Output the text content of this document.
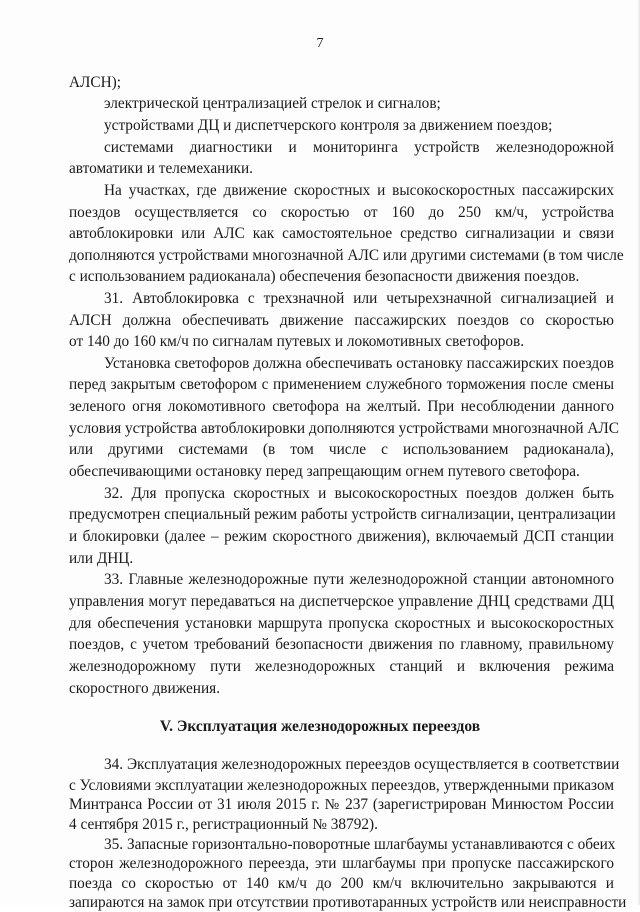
7
АЛСН);
электрической централизацией стрелок и сигналов;
устройствами ДЦ и диспетчерского контроля за движением поездов;
системами диагностики и мониторинга устройств железнодорожной
автоматики и телемеханики.
На участках, где движение скоростных и высокоскоростных пассажирских
поездов осуществляется со скоростью от 160 до 250 км/ч, устройства
автоблокировки или АЛС как самостоятельное средство сигнализации и связи
дополняются устройствами многозначной АЛС или другими системами (в том числе
с использованием радиоканала) обеспечения безопасности движения поездов.
31. Автоблокировка с трехзначной или четырехзначной сигнализацией и
АЛСН должна обеспечивать движение пассажирских поездов со скоростью
от 140 до 160 км/ч по сигналам путевых и локомотивных светофоров.
Установка светофоров должна обеспечивать остановку пассажирских поездов
перед закрытым светофором с применением служебного торможения после смены
зеленого огня локомотивного светофора на желтый. При несоблюдении данного
условия устройства автоблокировки дополняются устройствами многозначной АЛС
или другими системами (в том числе с использованием радиоканала),
обеспечивающими остановку перед запрещающим огнем путевого светофора.
32. Для пропуска скоростных и высокоскоростных поездов должен быть
предусмотрен специальный режим работы устройств сигнализации, централизации
и блокировки (далее – режим скоростного движения), включаемый ДСП станции
или ДНЦ.
33. Главные железнодорожные пути железнодорожной станции автономного
управления могут передаваться на диспетчерское управление ДНЦ средствами ДЦ
для обеспечения установки маршрута пропуска скоростных и высокоскоростных
поездов, с учетом требований безопасности движения по главному, правильному
железнодорожному пути железнодорожных станций и включения режима
скоростного движения.
V. Эксплуатация железнодорожных переездов
34. Эксплуатация железнодорожных переездов осуществляется в соответствии
с Условиями эксплуатации железнодорожных переездов, утвержденными приказом
Минтранса России от 31 июля 2015 г. № 237 (зарегистрирован Минюстом России
4 сентября 2015 г., регистрационный № 38792).
35. Запасные горизонтально-поворотные шлагбаумы устанавливаются с обеих
сторон железнодорожного переезда, эти шлагбаумы при пропуске пассажирского
поезда со скоростью от 140 км/ч до 200 км/ч включительно закрываются и
запираются на замок при отсутствии противотаранных устройств или неисправности
